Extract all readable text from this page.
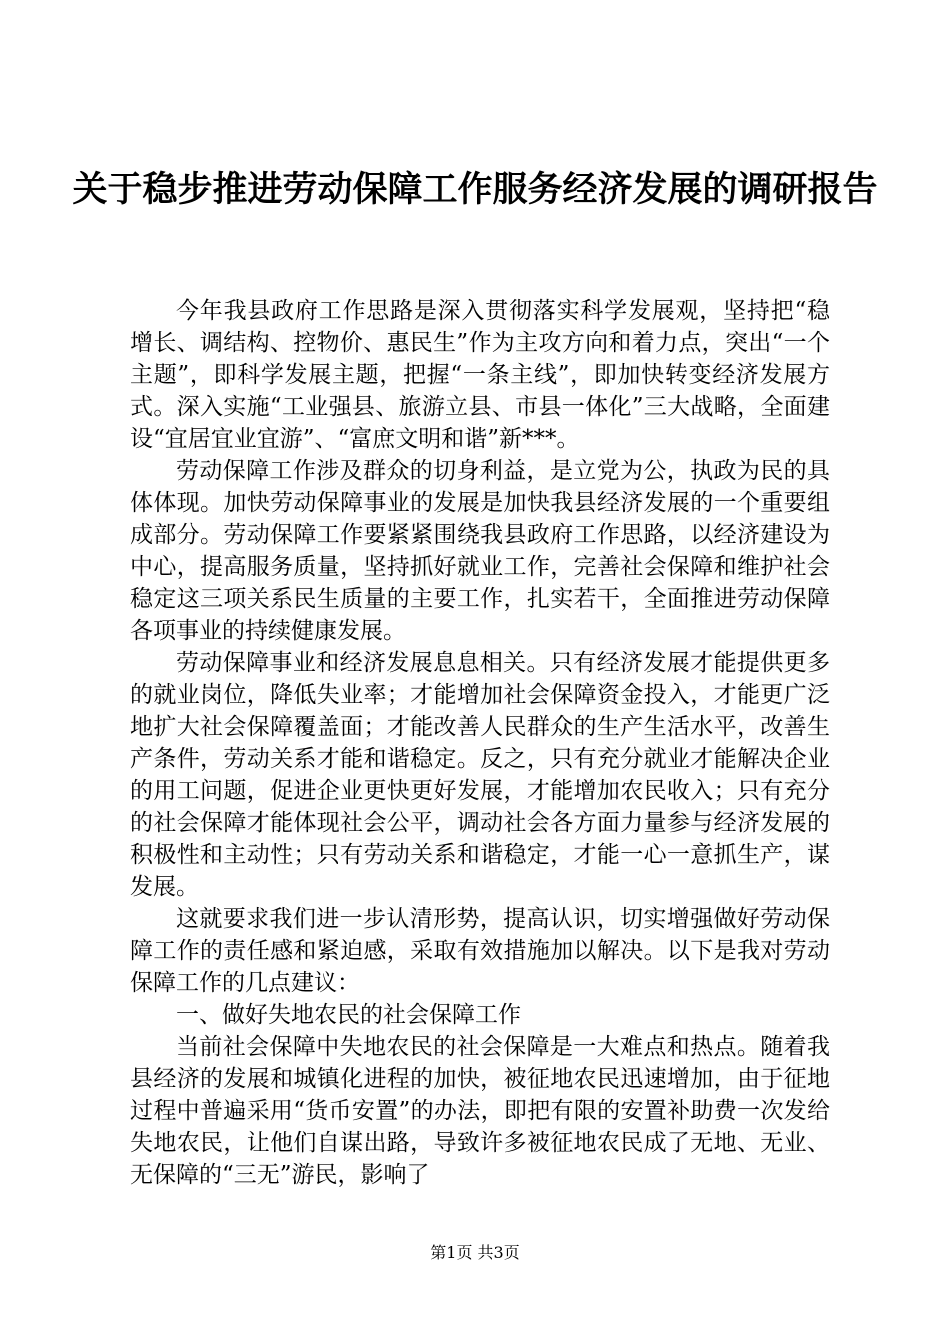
关于稳步推进劳动保障工作服务经济发展的调研报告

今年我县政府工作思路是深入贯彻落实科学发展观，坚持把“稳增长、调结构、控物价、惠民生”作为主攻方向和着力点，突出“一个主题”，即科学发展主题，把握“一条主线”，即加快转变经济发展方式。深入实施“工业强县、旅游立县、市县一体化”三大战略，全面建设“宜居宜业宜游”、“富庶文明和谐”新***。

劳动保障工作涉及群众的切身利益，是立党为公，执政为民的具体体现。加快劳动保障事业的发展是加快我县经济发展的一个重要组成部分。劳动保障工作要紧紧围绕我县政府工作思路，以经济建设为中心，提高服务质量，坚持抓好就业工作，完善社会保障和维护社会稳定这三项关系民生质量的主要工作，扎实若干，全面推进劳动保障各项事业的持续健康发展。

劳动保障事业和经济发展息息相关。只有经济发展才能提供更多的就业岗位，降低失业率；才能增加社会保障资金投入，才能更广泛地扩大社会保障覆盖面；才能改善人民群众的生产生活水平，改善生产条件，劳动关系才能和谐稳定。反之，只有充分就业才能解决企业的用工问题，促进企业更快更好发展，才能增加农民收入；只有充分的社会保障才能体现社会公平，调动社会各方面力量参与经济发展的积极性和主动性；只有劳动关系和谐稳定，才能一心一意抓生产，谋发展。

这就要求我们进一步认清形势，提高认识，切实增强做好劳动保障工作的责任感和紧迫感，采取有效措施加以解决。以下是我对劳动保障工作的几点建议：

一、做好失地农民的社会保障工作

当前社会保障中失地农民的社会保障是一大难点和热点。随着我县经济的发展和城镇化进程的加快，被征地农民迅速增加，由于征地过程中普遍采用“货币安置”的办法，即把有限的安置补助费一次发给失地农民，让他们自谋出路，导致许多被征地农民成了无地、无业、无保障的“三无”游民，影响了

第1页 共3页
